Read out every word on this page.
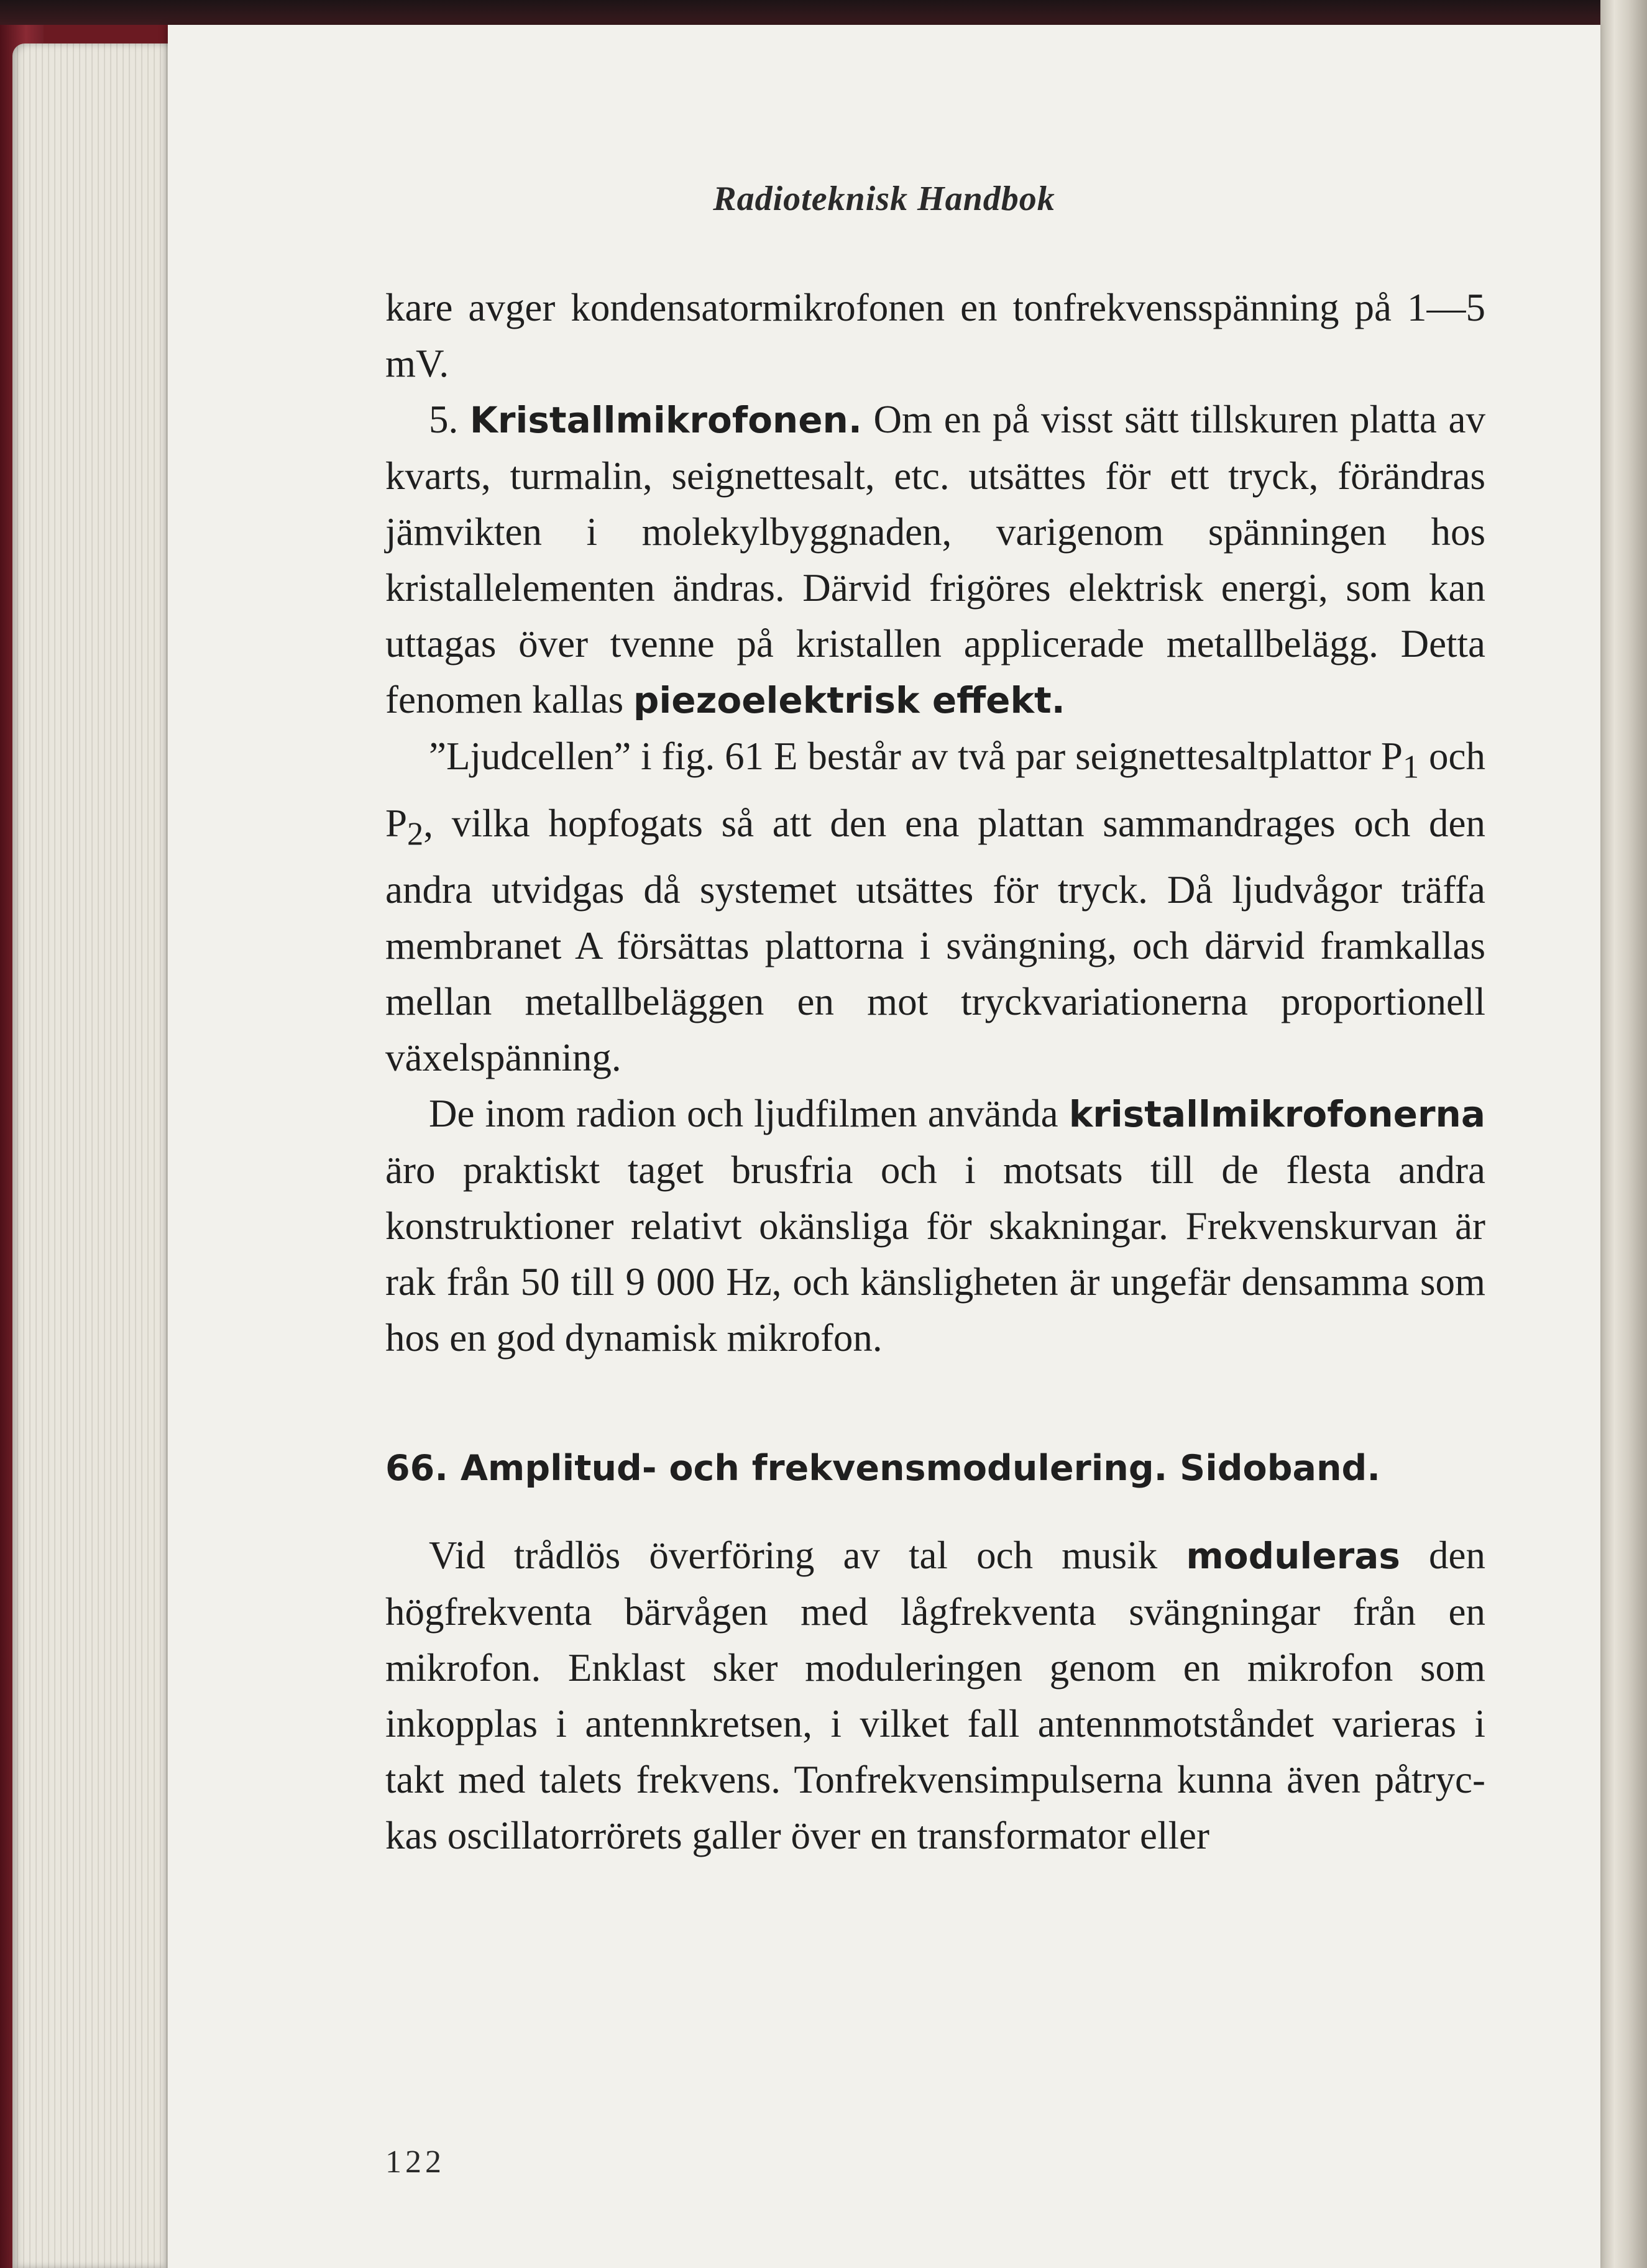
Radioteknisk Handbok

kare avger kondensatormikrofonen en tonfrekvensspänning på 1—5 mV.

5. Kristallmikrofonen. Om en på visst sätt tillskuren platta av kvarts, turmalin, seignettesalt, etc. utsättes för ett tryck, förändras jämvikten i molekylbyggnaden, varigenom spänningen hos kristallelementen ändras. Därvid frigöres elektrisk energi, som kan uttagas över tvenne på kristallen applicerade metallbelägg. Detta fenomen kallas piezoelektrisk effekt.

”Ljudcellen” i fig. 61 E består av två par seignettesaltplattor $P_1$ och $P_2$, vilka hopfogats så att den ena plattan sammandrages och den andra utvidgas då systemet utsättes för tryck. Då ljudvågor träffa membranet A försättas plattorna i svängning, och därvid framkallas mellan metallbeläggen en mot tryckvariationerna proportionell växelspänning.

De inom radion och ljudfilmen använda kristallmikrofonerna äro praktiskt taget brusfria och i motsats till de flesta andra konstruktioner relativt okänsliga för skakningar. Frekvenskurvan är rak från 50 till 9 000 Hz, och känsligheten är ungefär densamma som hos en god dynamisk mikrofon.

66. Amplitud- och frekvensmodulering. Sidoband.

Vid trådlös överföring av tal och musik moduleras den högfrekventa bärvågen med lågfrekventa svängningar från en mikrofon. Enklast sker moduleringen genom en mikrofon som inkopplas i antennkretsen, i vilket fall antennmotståndet varieras i takt med talets frekvens. Tonfrekvensimpulserna kunna även påtryckas oscillatorrörets galler över en transformator eller

122
